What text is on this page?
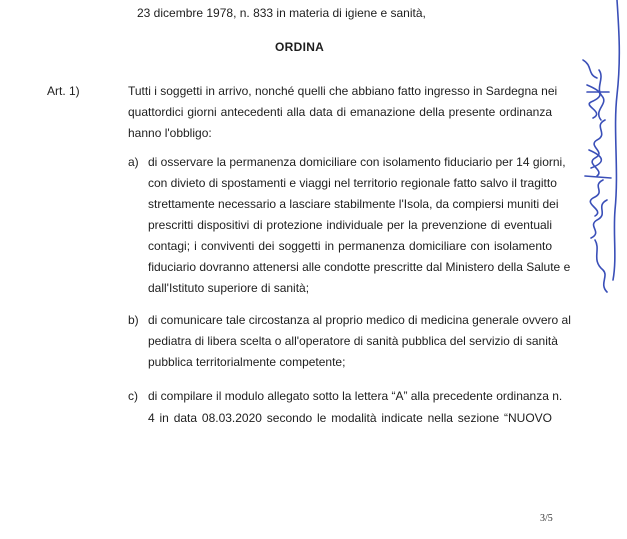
23 dicembre 1978, n. 833 in materia di igiene e sanità,
ORDINA
Art. 1)	Tutti i soggetti in arrivo, nonché quelli che abbiano fatto ingresso in Sardegna nei
quattordici giorni antecedenti alla data di emanazione della presente ordinanza
hanno l'obbligo:
a) di osservare la permanenza domiciliare con isolamento fiduciario per 14 giorni,
con divieto di spostamenti e viaggi nel territorio regionale fatto salvo il tragitto
strettamente necessario a lasciare stabilmente l'Isola, da compiersi muniti dei
prescritti dispositivi di protezione individuale per la prevenzione di eventuali
contagi; i conviventi dei soggetti in permanenza domiciliare con isolamento
fiduciario dovranno attenersi alle condotte prescritte dal Ministero della Salute e
dall'Istituto superiore di sanità;
b) di comunicare tale circostanza al proprio medico di medicina generale ovvero al
pediatra di libera scelta o all'operatore di sanità pubblica del servizio di sanità
pubblica territorialmente competente;
c) di compilare il modulo allegato sotto la lettera “A” alla precedente ordinanza n.
4 in data 08.03.2020 secondo le modalità indicate nella sezione “NUOVO
3/5
